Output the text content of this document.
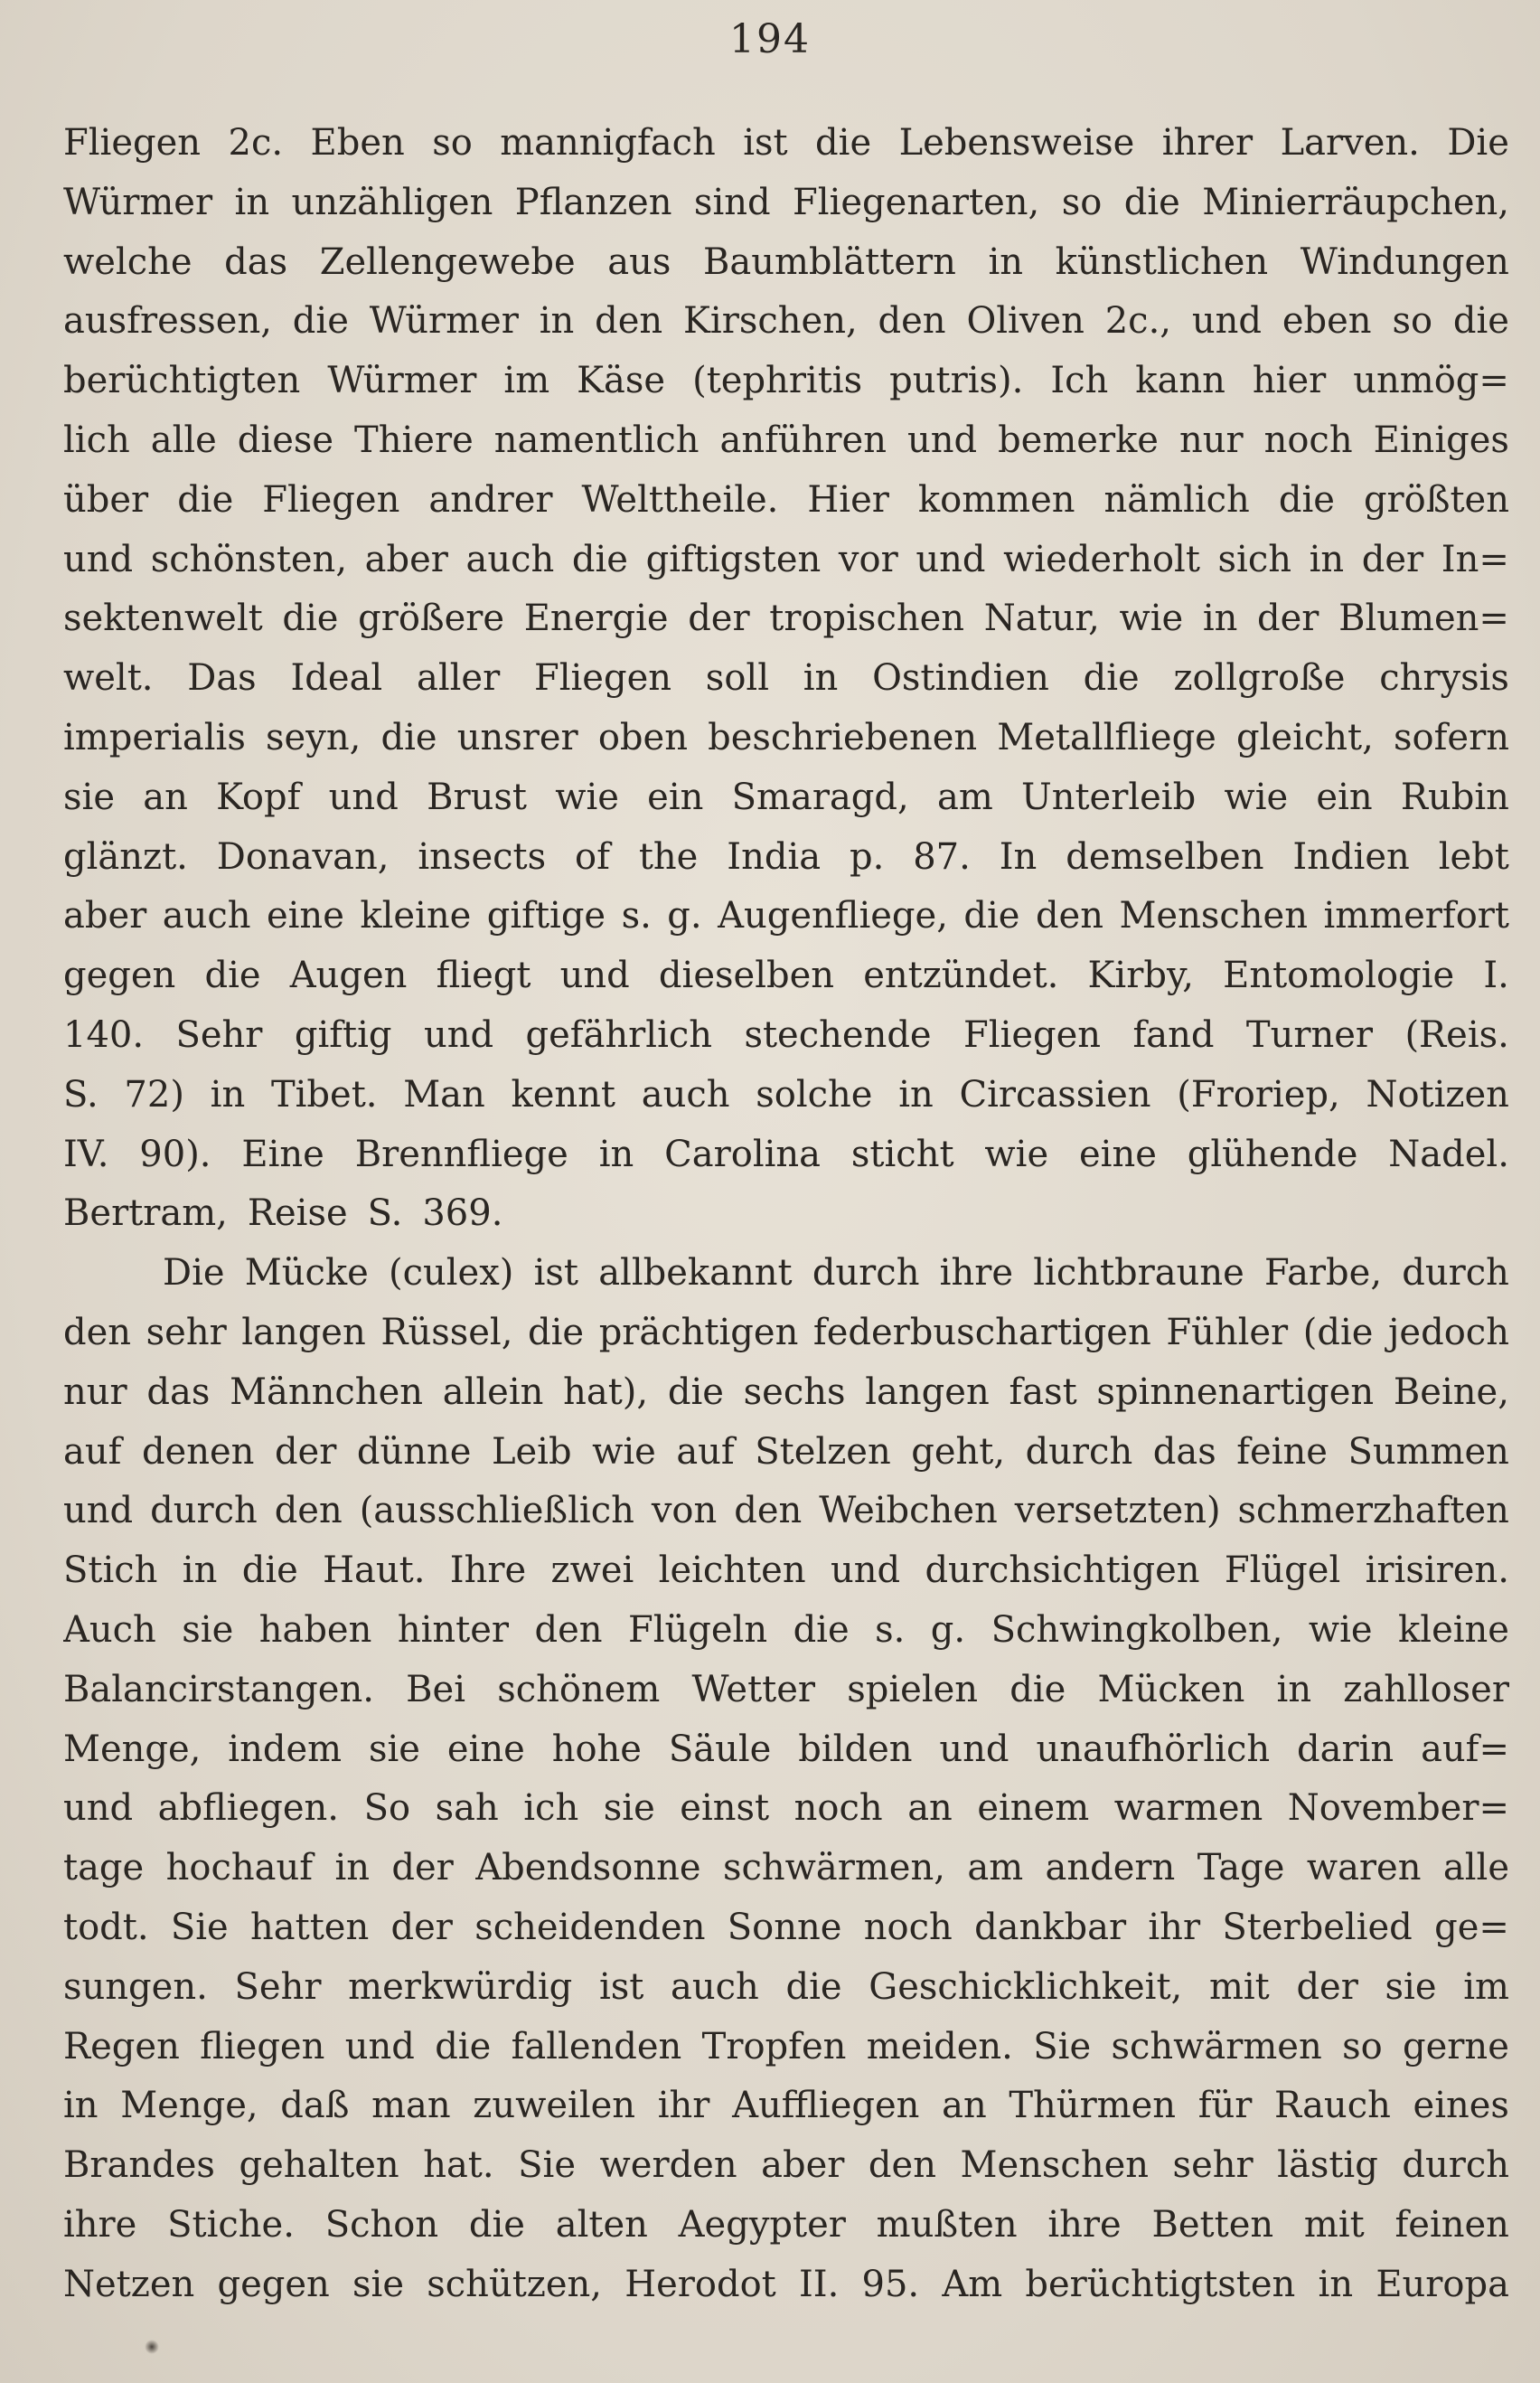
194
Fliegen 2c. Eben so mannigfach ist die Lebensweise ihrer Larven. Die
Würmer in unzähligen Pflanzen sind Fliegenarten, so die Minierräupchen,
welche das Zellengewebe aus Baumblättern in künstlichen Windungen
ausfressen, die Würmer in den Kirschen, den Oliven 2c., und eben so die
berüchtigten Würmer im Käse (tephritis putris). Ich kann hier unmög=
lich alle diese Thiere namentlich anführen und bemerke nur noch Einiges
über die Fliegen andrer Welttheile. Hier kommen nämlich die größten
und schönsten, aber auch die giftigsten vor und wiederholt sich in der In=
sektenwelt die größere Energie der tropischen Natur, wie in der Blumen=
welt. Das Ideal aller Fliegen soll in Ostindien die zollgroße chrysis
imperialis seyn, die unsrer oben beschriebenen Metallfliege gleicht, sofern
sie an Kopf und Brust wie ein Smaragd, am Unterleib wie ein Rubin
glänzt. Donavan, insects of the India p. 87. In demselben Indien lebt
aber auch eine kleine giftige s. g. Augenfliege, die den Menschen immerfort
gegen die Augen fliegt und dieselben entzündet. Kirby, Entomologie I.
140. Sehr giftig und gefährlich stechende Fliegen fand Turner (Reis.
S. 72) in Tibet. Man kennt auch solche in Circassien (Froriep, Notizen
IV. 90). Eine Brennfliege in Carolina sticht wie eine glühende Nadel.
Bertram, Reise S. 369.
Die Mücke (culex) ist allbekannt durch ihre lichtbraune Farbe, durch
den sehr langen Rüssel, die prächtigen federbuschartigen Fühler (die jedoch
nur das Männchen allein hat), die sechs langen fast spinnenartigen Beine,
auf denen der dünne Leib wie auf Stelzen geht, durch das feine Summen
und durch den (ausschließlich von den Weibchen versetzten) schmerzhaften
Stich in die Haut. Ihre zwei leichten und durchsichtigen Flügel irisiren.
Auch sie haben hinter den Flügeln die s. g. Schwingkolben, wie kleine
Balancirstangen. Bei schönem Wetter spielen die Mücken in zahlloser
Menge, indem sie eine hohe Säule bilden und unaufhörlich darin auf=
und abfliegen. So sah ich sie einst noch an einem warmen November=
tage hochauf in der Abendsonne schwärmen, am andern Tage waren alle
todt. Sie hatten der scheidenden Sonne noch dankbar ihr Sterbelied ge=
sungen. Sehr merkwürdig ist auch die Geschicklichkeit, mit der sie im
Regen fliegen und die fallenden Tropfen meiden. Sie schwärmen so gerne
in Menge, daß man zuweilen ihr Auffliegen an Thürmen für Rauch eines
Brandes gehalten hat. Sie werden aber den Menschen sehr lästig durch
ihre Stiche. Schon die alten Aegypter mußten ihre Betten mit feinen
Netzen gegen sie schützen, Herodot II. 95. Am berüchtigtsten in Europa
